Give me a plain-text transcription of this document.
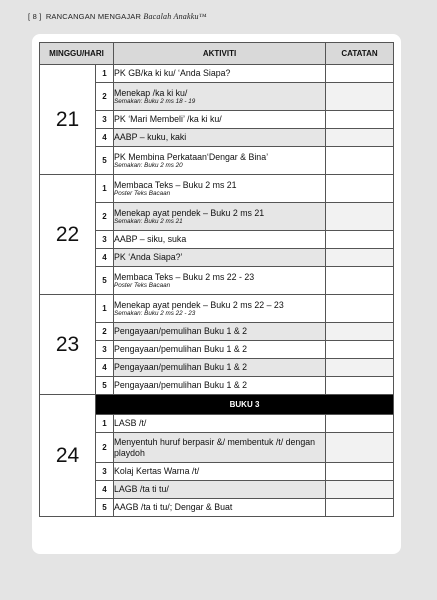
[ 8 ] RANCANGAN MENGAJAR Bacalah Anakku™
MINGGU/HARI		AKTIVITI	CATATAN
21	1	PK GB/ka ki ku/ ‘Anda Siapa?	
	2	Menekap /ka ki ku/
Semakan: Buku 2 ms 18 - 19	

	3	PK ‘Mari Membeli’ /ka ki ku/	
	4	AABP – kuku, kaki	
	5	PK Membina Perkataan‘Dengar & Bina’
Semakan: Buku 2 ms 20	

22	1	Membaca Teks – Buku 2 ms 21
Poster Teks Bacaan	

	2	Menekap ayat pendek – Buku 2 ms 21
Semakan: Buku 2 ms 21	

	3	AABP – siku, suka	
	4	PK ‘Anda Siapa?’	
	5	Membaca Teks – Buku 2 ms 22 - 23
Poster Teks Bacaan	

23	1	Menekap ayat pendek – Buku 2 ms 22 – 23
Semakan: Buku 2 ms 22 - 23	

	2	Pengayaan/pemulihan Buku 1 & 2	
	3	Pengayaan/pemulihan Buku 1 & 2	
	4	Pengayaan/pemulihan Buku 1 & 2	
	5	Pengayaan/pemulihan Buku 1 & 2	
24	BUKU 3		
	1	LASB /t/	
	2	Menyentuh huruf berpasir &/ membentuk /t/ dengan playdoh	
	3	Kolaj Kertas Warna /t/	
	4	LAGB /ta ti tu/	
	5	AAGB /ta ti tu/; Dengar & Buat	
